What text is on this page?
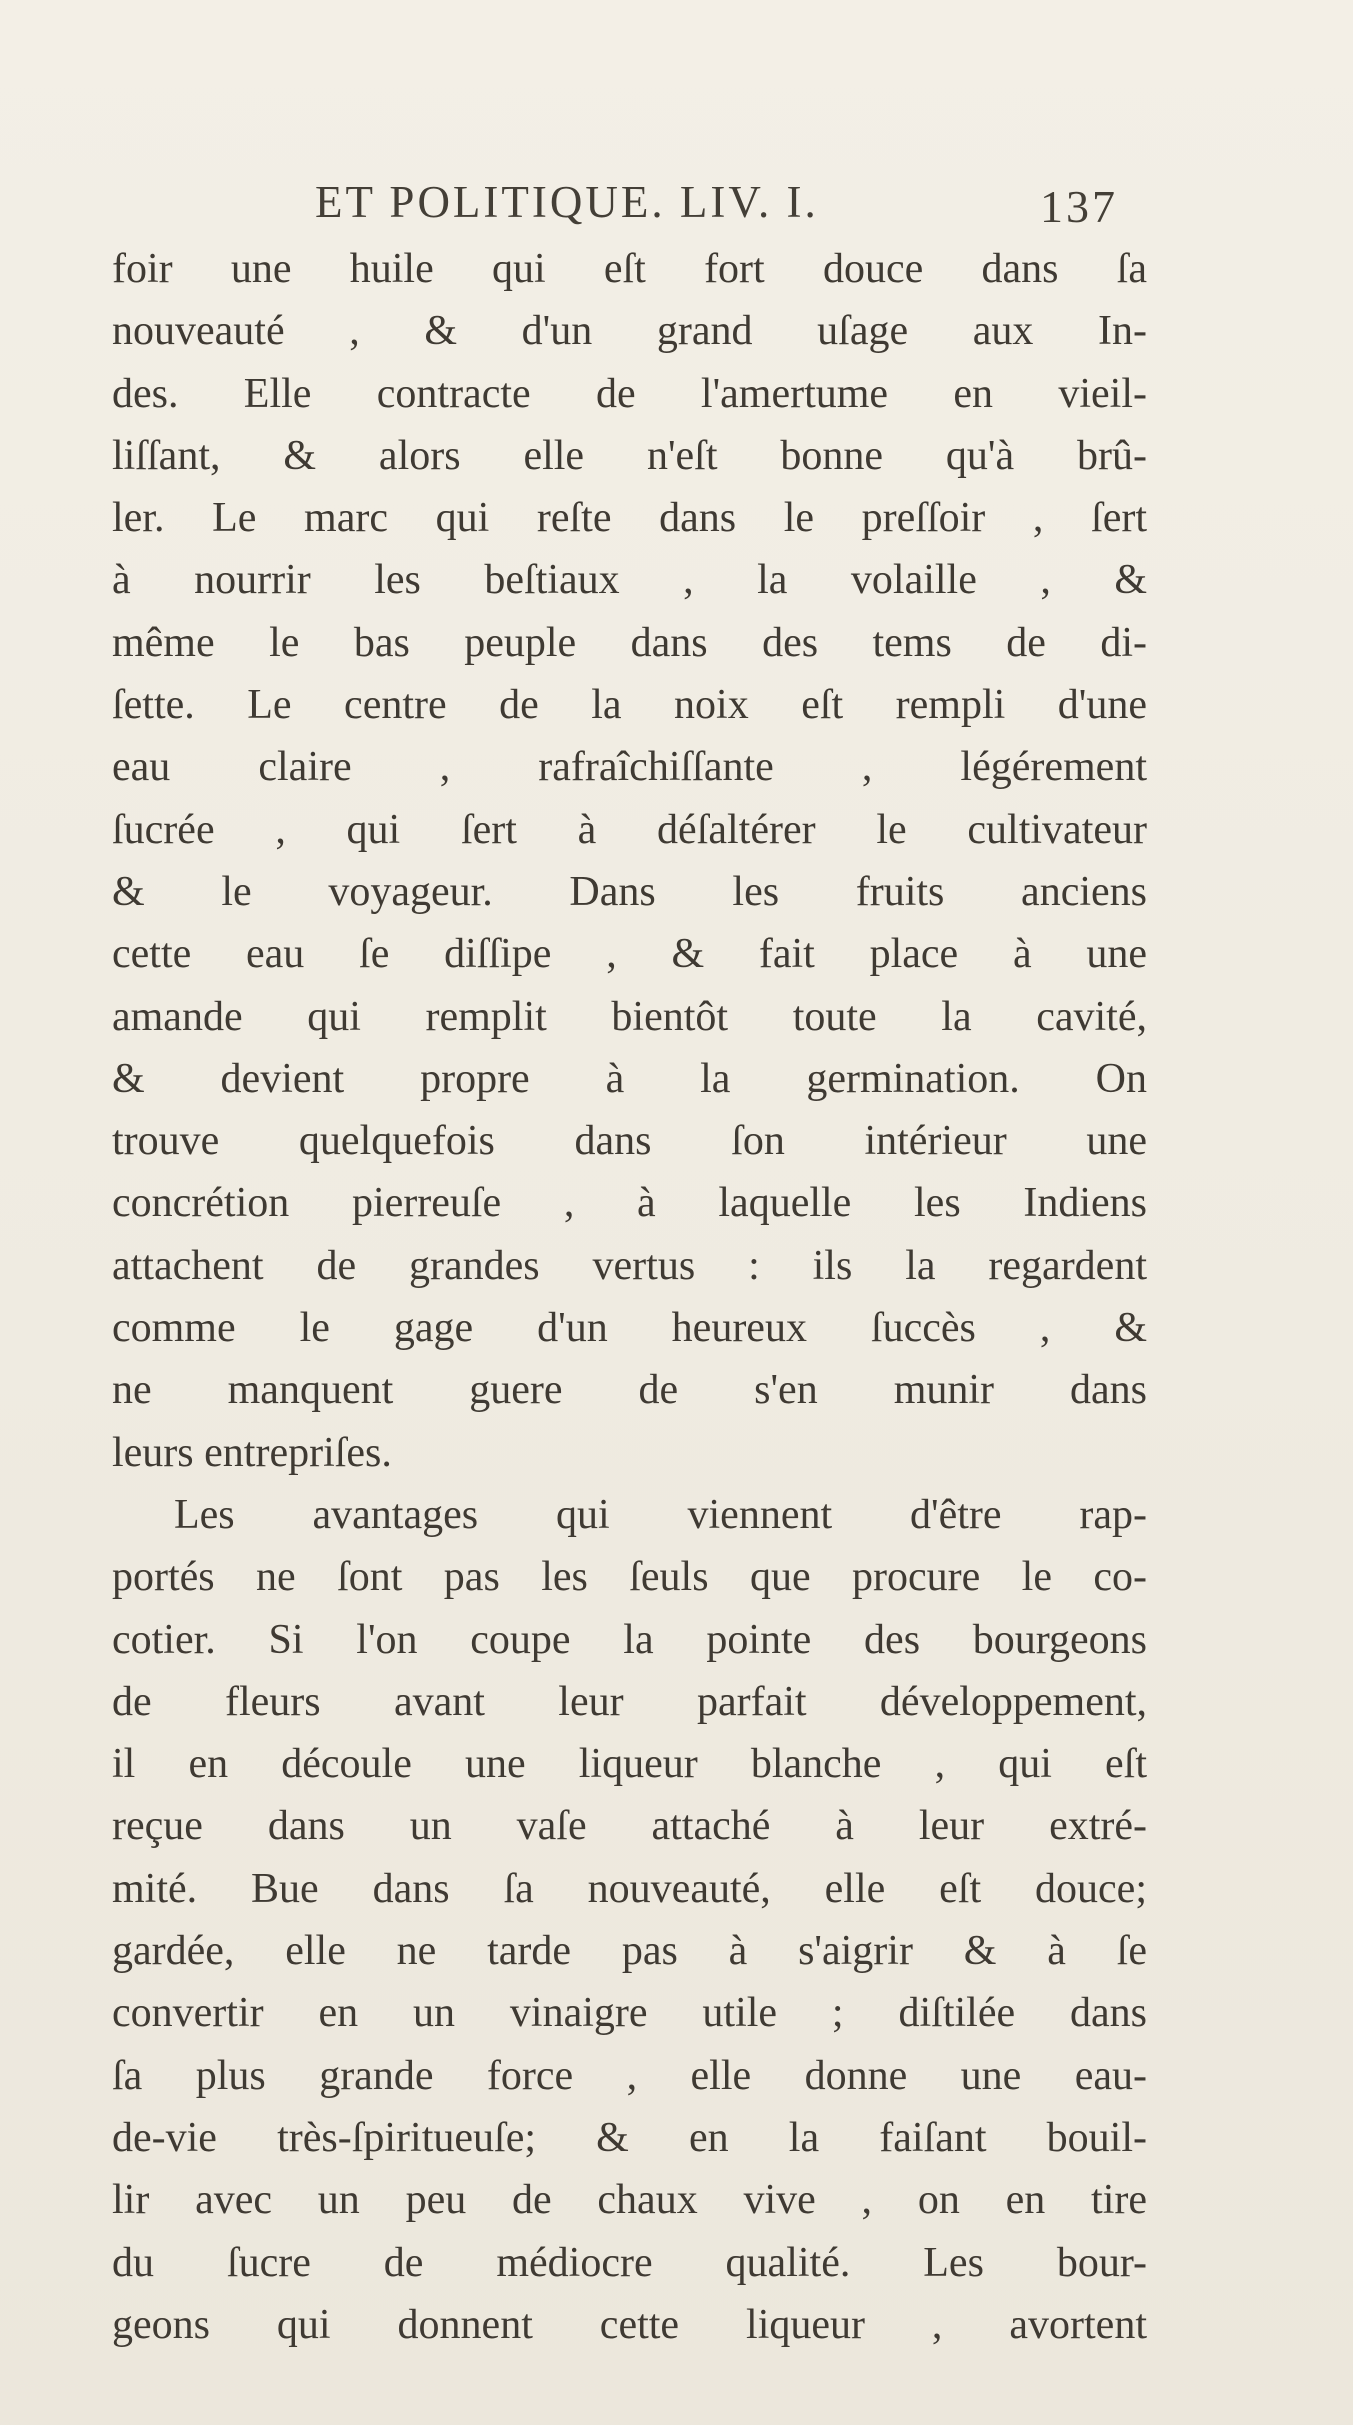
ET POLITIQUE. LIV. I.	137
foir une huile qui eſt fort douce dans ſa
nouveauté , & d'un grand uſage aux In-
des. Elle contracte de l'amertume en vieil-
liſſant, & alors elle n'eſt bonne qu'à brû-
ler. Le marc qui reſte dans le preſſoir , ſert
à nourrir les beſtiaux , la volaille , &
même le bas peuple dans des tems de di-
ſette. Le centre de la noix eſt rempli d'une
eau claire , rafraîchiſſante , légérement
ſucrée , qui ſert à déſaltérer le cultivateur
& le voyageur. Dans les fruits anciens
cette eau ſe diſſipe , & fait place à une
amande qui remplit bientôt toute la cavité,
& devient propre à la germination. On
trouve quelquefois dans ſon intérieur une
concrétion pierreuſe , à laquelle les Indiens
attachent de grandes vertus : ils la regardent
comme le gage d'un heureux ſuccès , &
ne manquent guere de s'en munir dans
leurs entrepriſes.
Les avantages qui viennent d'être rap-
portés ne ſont pas les ſeuls que procure le co-
cotier. Si l'on coupe la pointe des bourgeons
de fleurs avant leur parfait développement,
il en découle une liqueur blanche , qui eſt
reçue dans un vaſe attaché à leur extré-
mité. Bue dans ſa nouveauté, elle eſt douce;
gardée, elle ne tarde pas à s'aigrir & à ſe
convertir en un vinaigre utile ; diſtilée dans
ſa plus grande force , elle donne une eau-
de-vie très-ſpiritueuſe; & en la faiſant bouil-
lir avec un peu de chaux vive , on en tire
du ſucre de médiocre qualité. Les bour-
geons qui donnent cette liqueur , avortent
